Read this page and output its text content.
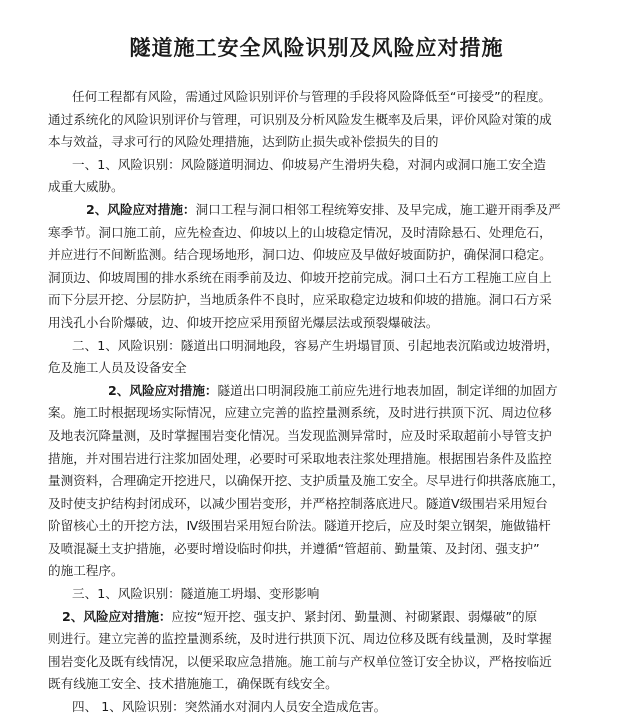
隧道施工安全风险识别及风险应对措施
任何工程都有风险，需通过风险识别评价与管理的手段将风险降低至“可接受”的程度。
通过系统化的风险识别评价与管理，可识别及分析风险发生概率及后果，评价风险对策的成
本与效益，寻求可行的风险处理措施，达到防止损失或补偿损失的目的
一、1、风险识别：风险隧道明洞边、仰坡易产生滑坍失稳，对洞内或洞口施工安全造
成重大威胁。
2、风险应对措施：洞口工程与洞口相邻工程统筹安排、及早完成，施工避开雨季及严
寒季节。洞口施工前，应先检查边、仰坡以上的山坡稳定情况，及时清除悬石、处理危石，
并应进行不间断监测。结合现场地形，洞口边、仰坡应及早做好坡面防护，确保洞口稳定。
洞顶边、仰坡周围的排水系统在雨季前及边、仰坡开挖前完成。洞口土石方工程施工应自上
而下分层开挖、分层防护，当地质条件不良时，应采取稳定边坡和仰坡的措施。洞口石方采
用浅孔小台阶爆破，边、仰坡开挖应采用预留光爆层法或预裂爆破法。
二、1、风险识别：隧道出口明洞地段，容易产生坍塌冒顶、引起地表沉陷或边坡滑坍，
危及施工人员及设备安全
2、风险应对措施：隧道出口明洞段施工前应先进行地表加固，制定详细的加固方
案。施工时根据现场实际情况，应建立完善的监控量测系统，及时进行拱顶下沉、周边位移
及地表沉降量测，及时掌握围岩变化情况。当发现监测异常时，应及时采取超前小导管支护
措施，并对围岩进行注浆加固处理，必要时可采取地表注浆处理措施。根据围岩条件及监控
量测资料，合理确定开挖进尺，以确保开挖、支护质量及施工安全。尽早进行仰拱落底施工，
及时使支护结构封闭成环，以减少围岩变形，并严格控制落底进尺。隧道Ⅴ级围岩采用短台
阶留核心土的开挖方法，Ⅳ级围岩采用短台阶法。隧道开挖后，应及时架立钢架，施做锚杆
及喷混凝土支护措施，必要时增设临时仰拱，并遵循“管超前、勤量策、及封闭、强支护”
的施工程序。
三、1、风险识别：隧道施工坍塌、变形影响
2、风险应对措施：应按“短开挖、强支护、紧封闭、勤量测、衬砌紧跟、弱爆破”的原
则进行。建立完善的监控量测系统，及时进行拱顶下沉、周边位移及既有线量测，及时掌握
围岩变化及既有线情况，以便采取应急措施。施工前与产权单位签订安全协议，严格按临近
既有线施工安全、技术措施施工，确保既有线安全。
四、 1、风险识别：突然涌水对洞内人员安全造成危害。
